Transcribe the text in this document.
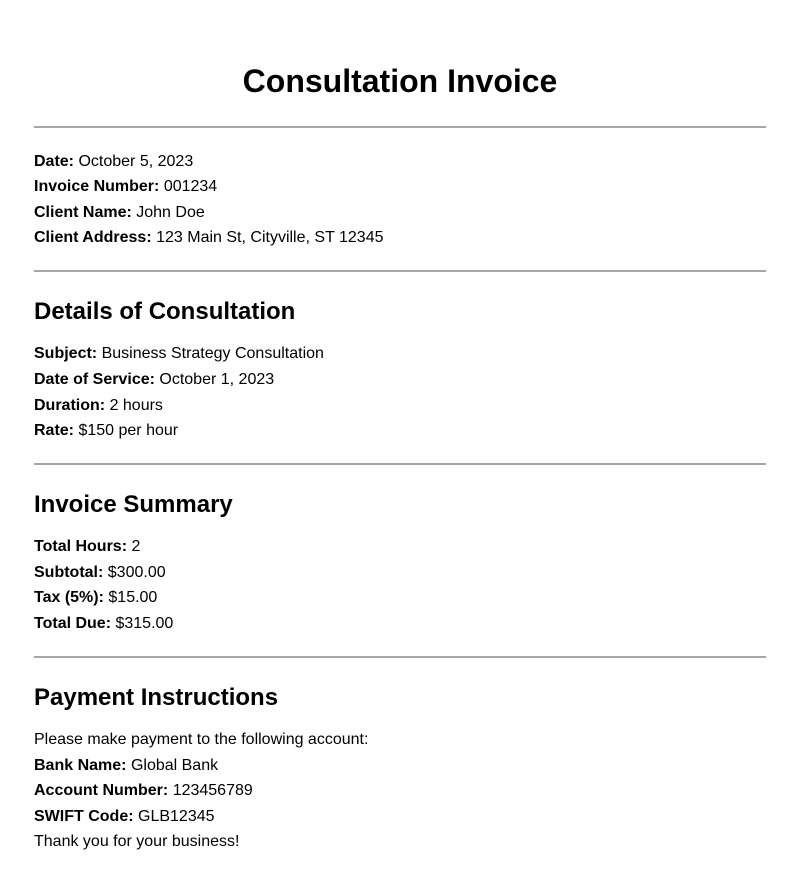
Consultation Invoice
Date: October 5, 2023
Invoice Number: 001234
Client Name: John Doe
Client Address: 123 Main St, Cityville, ST 12345
Details of Consultation
Subject: Business Strategy Consultation
Date of Service: October 1, 2023
Duration: 2 hours
Rate: $150 per hour
Invoice Summary
Total Hours: 2
Subtotal: $300.00
Tax (5%): $15.00
Total Due: $315.00
Payment Instructions
Please make payment to the following account:
Bank Name: Global Bank
Account Number: 123456789
SWIFT Code: GLB12345
Thank you for your business!
